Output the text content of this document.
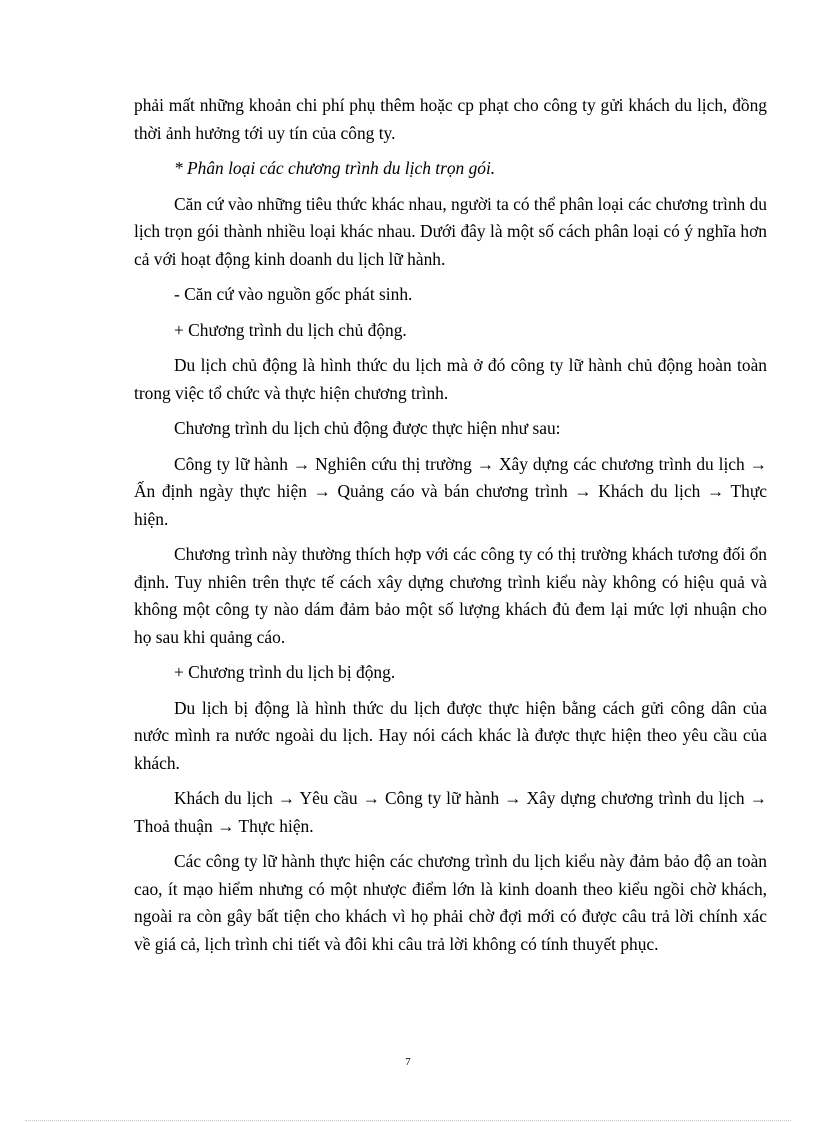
phải mất những khoản chi phí phụ thêm hoặc cp phạt cho công ty gửi khách du lịch, đồng thời ảnh hưởng tới uy tín của công ty.

* Phân loại các chương trình du lịch trọn gói.

Căn cứ vào những tiêu thức khác nhau, người ta có thể phân loại các chương trình du lịch trọn gói thành nhiều loại khác nhau. Dưới đây là một số cách phân loại có ý nghĩa hơn cả với hoạt động kinh doanh du lịch lữ hành.

- Căn cứ vào nguồn gốc phát sinh.

+ Chương trình du lịch chủ động.

Du lịch chủ động là hình thức du lịch mà ở đó công ty lữ hành chủ động hoàn toàn trong việc tổ chức và thực hiện chương trình.

Chương trình du lịch chủ động được thực hiện như sau:

Công ty lữ hành → Nghiên cứu thị trường → Xây dựng các chương trình du lịch → Ấn định ngày thực hiện → Quảng cáo và bán chương trình → Khách du lịch → Thực hiện.

Chương trình này thường thích hợp với các công ty có thị trường khách tương đối ổn định. Tuy nhiên trên thực tế cách xây dựng chương trình kiểu này không có hiệu quả và không một công ty nào dám đảm bảo một số lượng khách đủ đem lại mức lợi nhuận cho họ sau khi quảng cáo.

+ Chương trình du lịch bị động.

Du lịch bị động là hình thức du lịch được thực hiện bằng cách gửi công dân của nước mình ra nước ngoài du lịch. Hay nói cách khác là được thực hiện theo yêu cầu của khách.

Khách du lịch → Yêu cầu → Công ty lữ hành → Xây dựng chương trình du lịch → Thoả thuận → Thực hiện.

Các công ty lữ hành thực hiện các chương trình du lịch kiểu này đảm bảo độ an toàn cao, ít mạo hiểm nhưng có một nhược điểm lớn là kinh doanh theo kiểu ngồi chờ khách, ngoài ra còn gây bất tiện cho khách vì họ phải chờ đợi mới có được câu trả lời chính xác về giá cả, lịch trình chi tiết và đôi khi câu trả lời không có tính thuyết phục.

7
